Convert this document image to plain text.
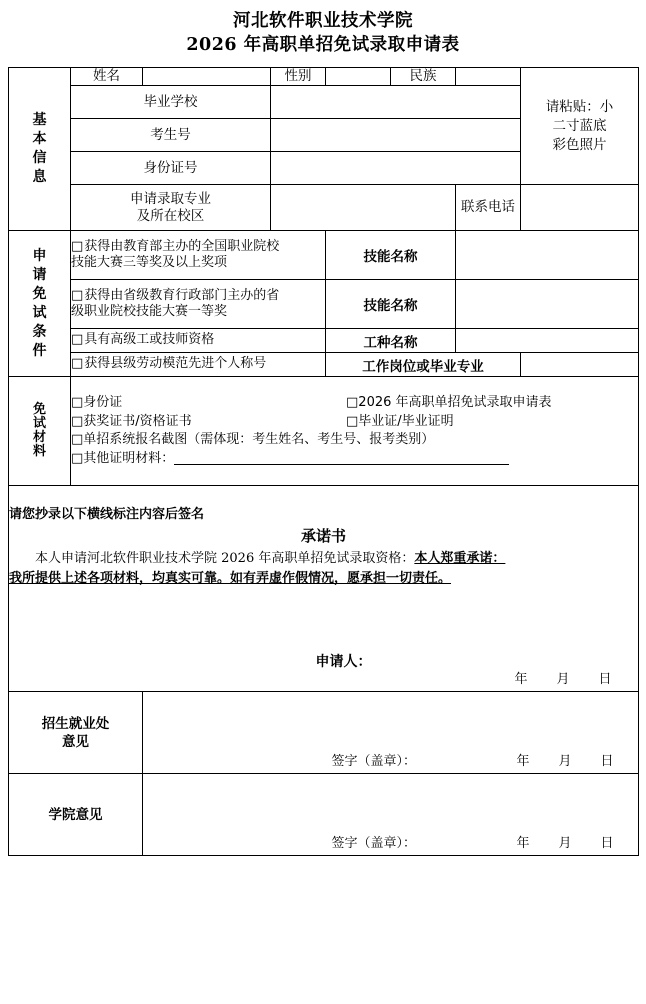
河北软件职业技术学院
2026 年高职单招免试录取申请表
基
本
信
息
	姓名		性别		民族		
请粘贴：小
二寸蓝底
彩色照片

	毕业学校						
	考生号						
	身份证号						

	申请录取专业
及所在校区					联系电话	

申
请
免
试
条
件

□获得由教育部主办的全国职业院校
技能大赛三等奖及以上奖项	技能名称	

	□获得由省级教育行政部门主办的省
级职业院校技能大赛一等奖			技能名称			

	□具有高级工或技师资格			工种名称			

	□获得县级劳动模范先进个人称号			工作岗位或毕业专业			

免
试
材
料

□身份证	□2026 年高职单招免试录取申请表
□获奖证书/资格证书	□毕业证/毕业证明
□单招系统报名截图（需体现：考生姓名、考生号、报考类别）
□其他证明材料：

请您抄录以下横线标注内容后签名
承诺书
本人申请河北软件职业技术学院 2026 年高职单招免试录取资格：本人郑重承诺：
我所提供上述各项材料，均真实可靠。如有弄虚作假情况，愿承担一切责任。
申请人：
年 月 日

招生就业处
意见

签字（盖章）：	年 月 日

学院意见		签字（盖章）： 年 月 日					
